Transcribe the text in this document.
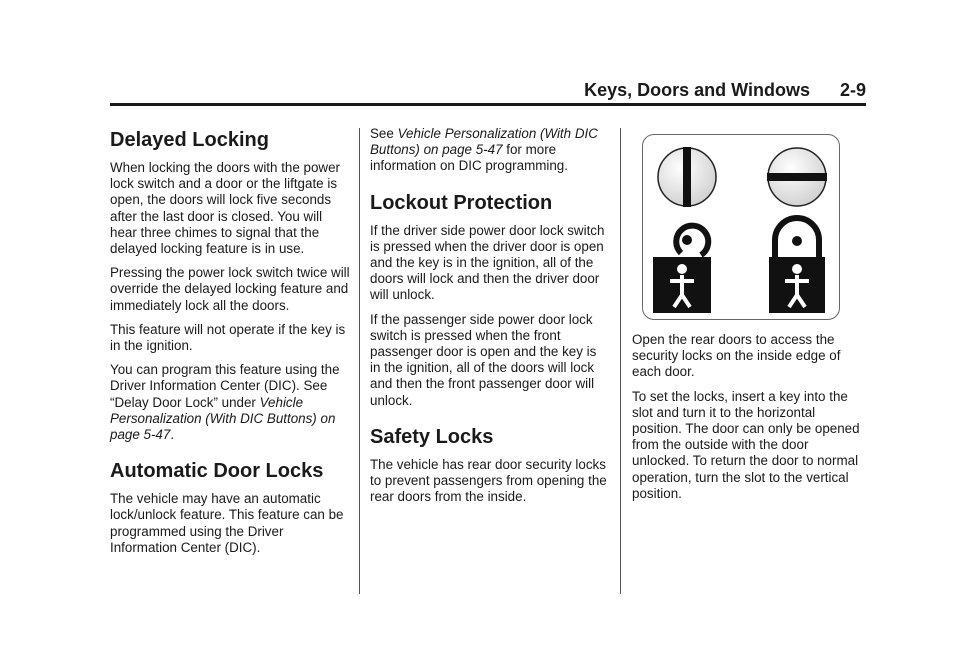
Keys, Doors and Windows 2-9
Delayed Locking

When locking the doors with the power lock switch and a door or the liftgate is open, the doors will lock five seconds after the last door is closed. You will hear three chimes to signal that the delayed locking feature is in use.

Pressing the power lock switch twice will override the delayed locking feature and immediately lock all the doors.

This feature will not operate if the key is in the ignition.

You can program this feature using the Driver Information Center (DIC). See “Delay Door Lock” under Vehicle Personalization (With DIC Buttons) on page 5-47.

Automatic Door Locks

The vehicle may have an automatic lock/unlock feature. This feature can be programmed using the Driver Information Center (DIC).

See Vehicle Personalization (With DIC Buttons) on page 5-47 for more information on DIC programming.

Lockout Protection

If the driver side power door lock switch is pressed when the driver door is open and the key is in the ignition, all of the doors will lock and then the driver door will unlock.

If the passenger side power door lock switch is pressed when the front passenger door is open and the key is in the ignition, all of the doors will lock and then the front passenger door will unlock.

Safety Locks

The vehicle has rear door security locks to prevent passengers from opening the rear doors from the inside.

Open the rear doors to access the security locks on the inside edge of each door.

To set the locks, insert a key into the slot and turn it to the horizontal position. The door can only be opened from the outside with the door unlocked. To return the door to normal operation, turn the slot to the vertical position.
